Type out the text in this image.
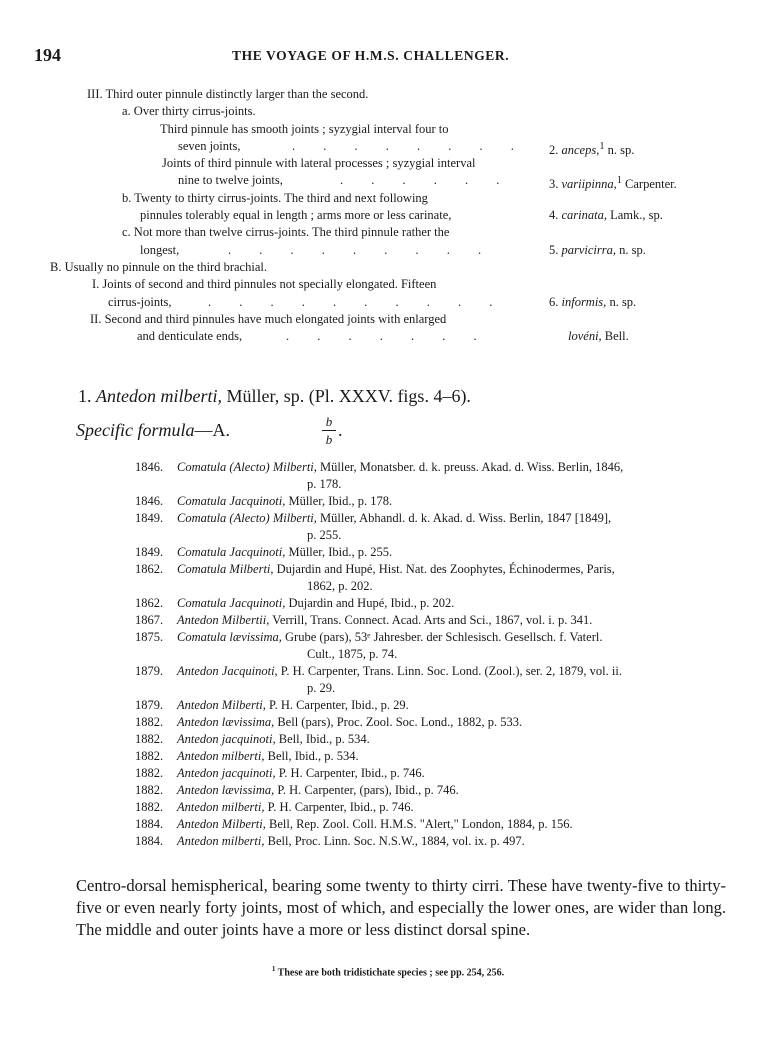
194	THE VOYAGE OF H.M.S. CHALLENGER.
III. Third outer pinnule distinctly larger than the second.
a. Over thirty cirrus-joints.
Third pinnule has smooth joints ; syzygial interval four to
seven joints,	.         .         .         .         .         .         .         .	2. anceps,$^1$ n. sp.
Joints of third pinnule with lateral processes ; syzygial interval
nine to twelve joints,	.         .         .         .         .         .	3. variipinna,$^1$ Carpenter.
b. Twenty to thirty cirrus-joints. The third and next following
pinnules tolerably equal in length ; arms more or less carinate,	4. carinata, Lamk., sp.
c. Not more than twelve cirrus-joints. The third pinnule rather the
longest,	.         .         .         .         .         .         .         .         .	5. parvicirra, n. sp.
B. Usually no pinnule on the third brachial.
I. Joints of second and third pinnules not specially elongated. Fifteen
cirrus-joints,	.         .         .         .         .         .         .         .         .         .	6. informis, n. sp.
II. Second and third pinnules have much elongated joints with enlarged
and denticulate ends,	.         .         .         .         .         .         .	lovéni, Bell.
1. Antedon milberti, Müller, sp. (Pl. XXXV. figs. 4–6).
Specific formula—A.	b
b .
1846. Comatula (Alecto) Milberti, Müller, Monatsber. d. k. preuss. Akad. d. Wiss. Berlin, 1846,
p. 178.
1846. Comatula Jacquinoti, Müller, Ibid., p. 178.
1849. Comatula (Alecto) Milberti, Müller, Abhandl. d. k. Akad. d. Wiss. Berlin, 1847 [1849],
p. 255.
1849. Comatula Jacquinoti, Müller, Ibid., p. 255.
1862. Comatula Milberti, Dujardin and Hupé, Hist. Nat. des Zoophytes, Échinodermes, Paris,
1862, p. 202.
1862. Comatula Jacquinoti, Dujardin and Hupé, Ibid., p. 202.
1867. Antedon Milbertii, Verrill, Trans. Connect. Acad. Arts and Sci., 1867, vol. i. p. 341.
1875. Comatula lævissima, Grube (pars), 53ᵉ Jahresber. der Schlesisch. Gesellsch. f. Vaterl.
Cult., 1875, p. 74.
1879. Antedon Jacquinoti, P. H. Carpenter, Trans. Linn. Soc. Lond. (Zool.), ser. 2, 1879, vol. ii.
p. 29.
1879. Antedon Milberti, P. H. Carpenter, Ibid., p. 29.
1882. Antedon lævissima, Bell (pars), Proc. Zool. Soc. Lond., 1882, p. 533.
1882. Antedon jacquinoti, Bell, Ibid., p. 534.
1882. Antedon milberti, Bell, Ibid., p. 534.
1882. Antedon jacquinoti, P. H. Carpenter, Ibid., p. 746.
1882. Antedon lævissima, P. H. Carpenter, (pars), Ibid., p. 746.
1882. Antedon milberti, P. H. Carpenter, Ibid., p. 746.
1884. Antedon Milberti, Bell, Rep. Zool. Coll. H.M.S. "Alert," London, 1884, p. 156.
1884. Antedon milberti, Bell, Proc. Linn. Soc. N.S.W., 1884, vol. ix. p. 497.
Centro-dorsal hemispherical, bearing some twenty to thirty cirri. These have twenty-five to thirty-five or even nearly forty joints, most of which, and especially the lower ones, are wider than long. The middle and outer joints have a more or less distinct dorsal spine.
$^1$ These are both tridistichate species ; see pp. 254, 256.
